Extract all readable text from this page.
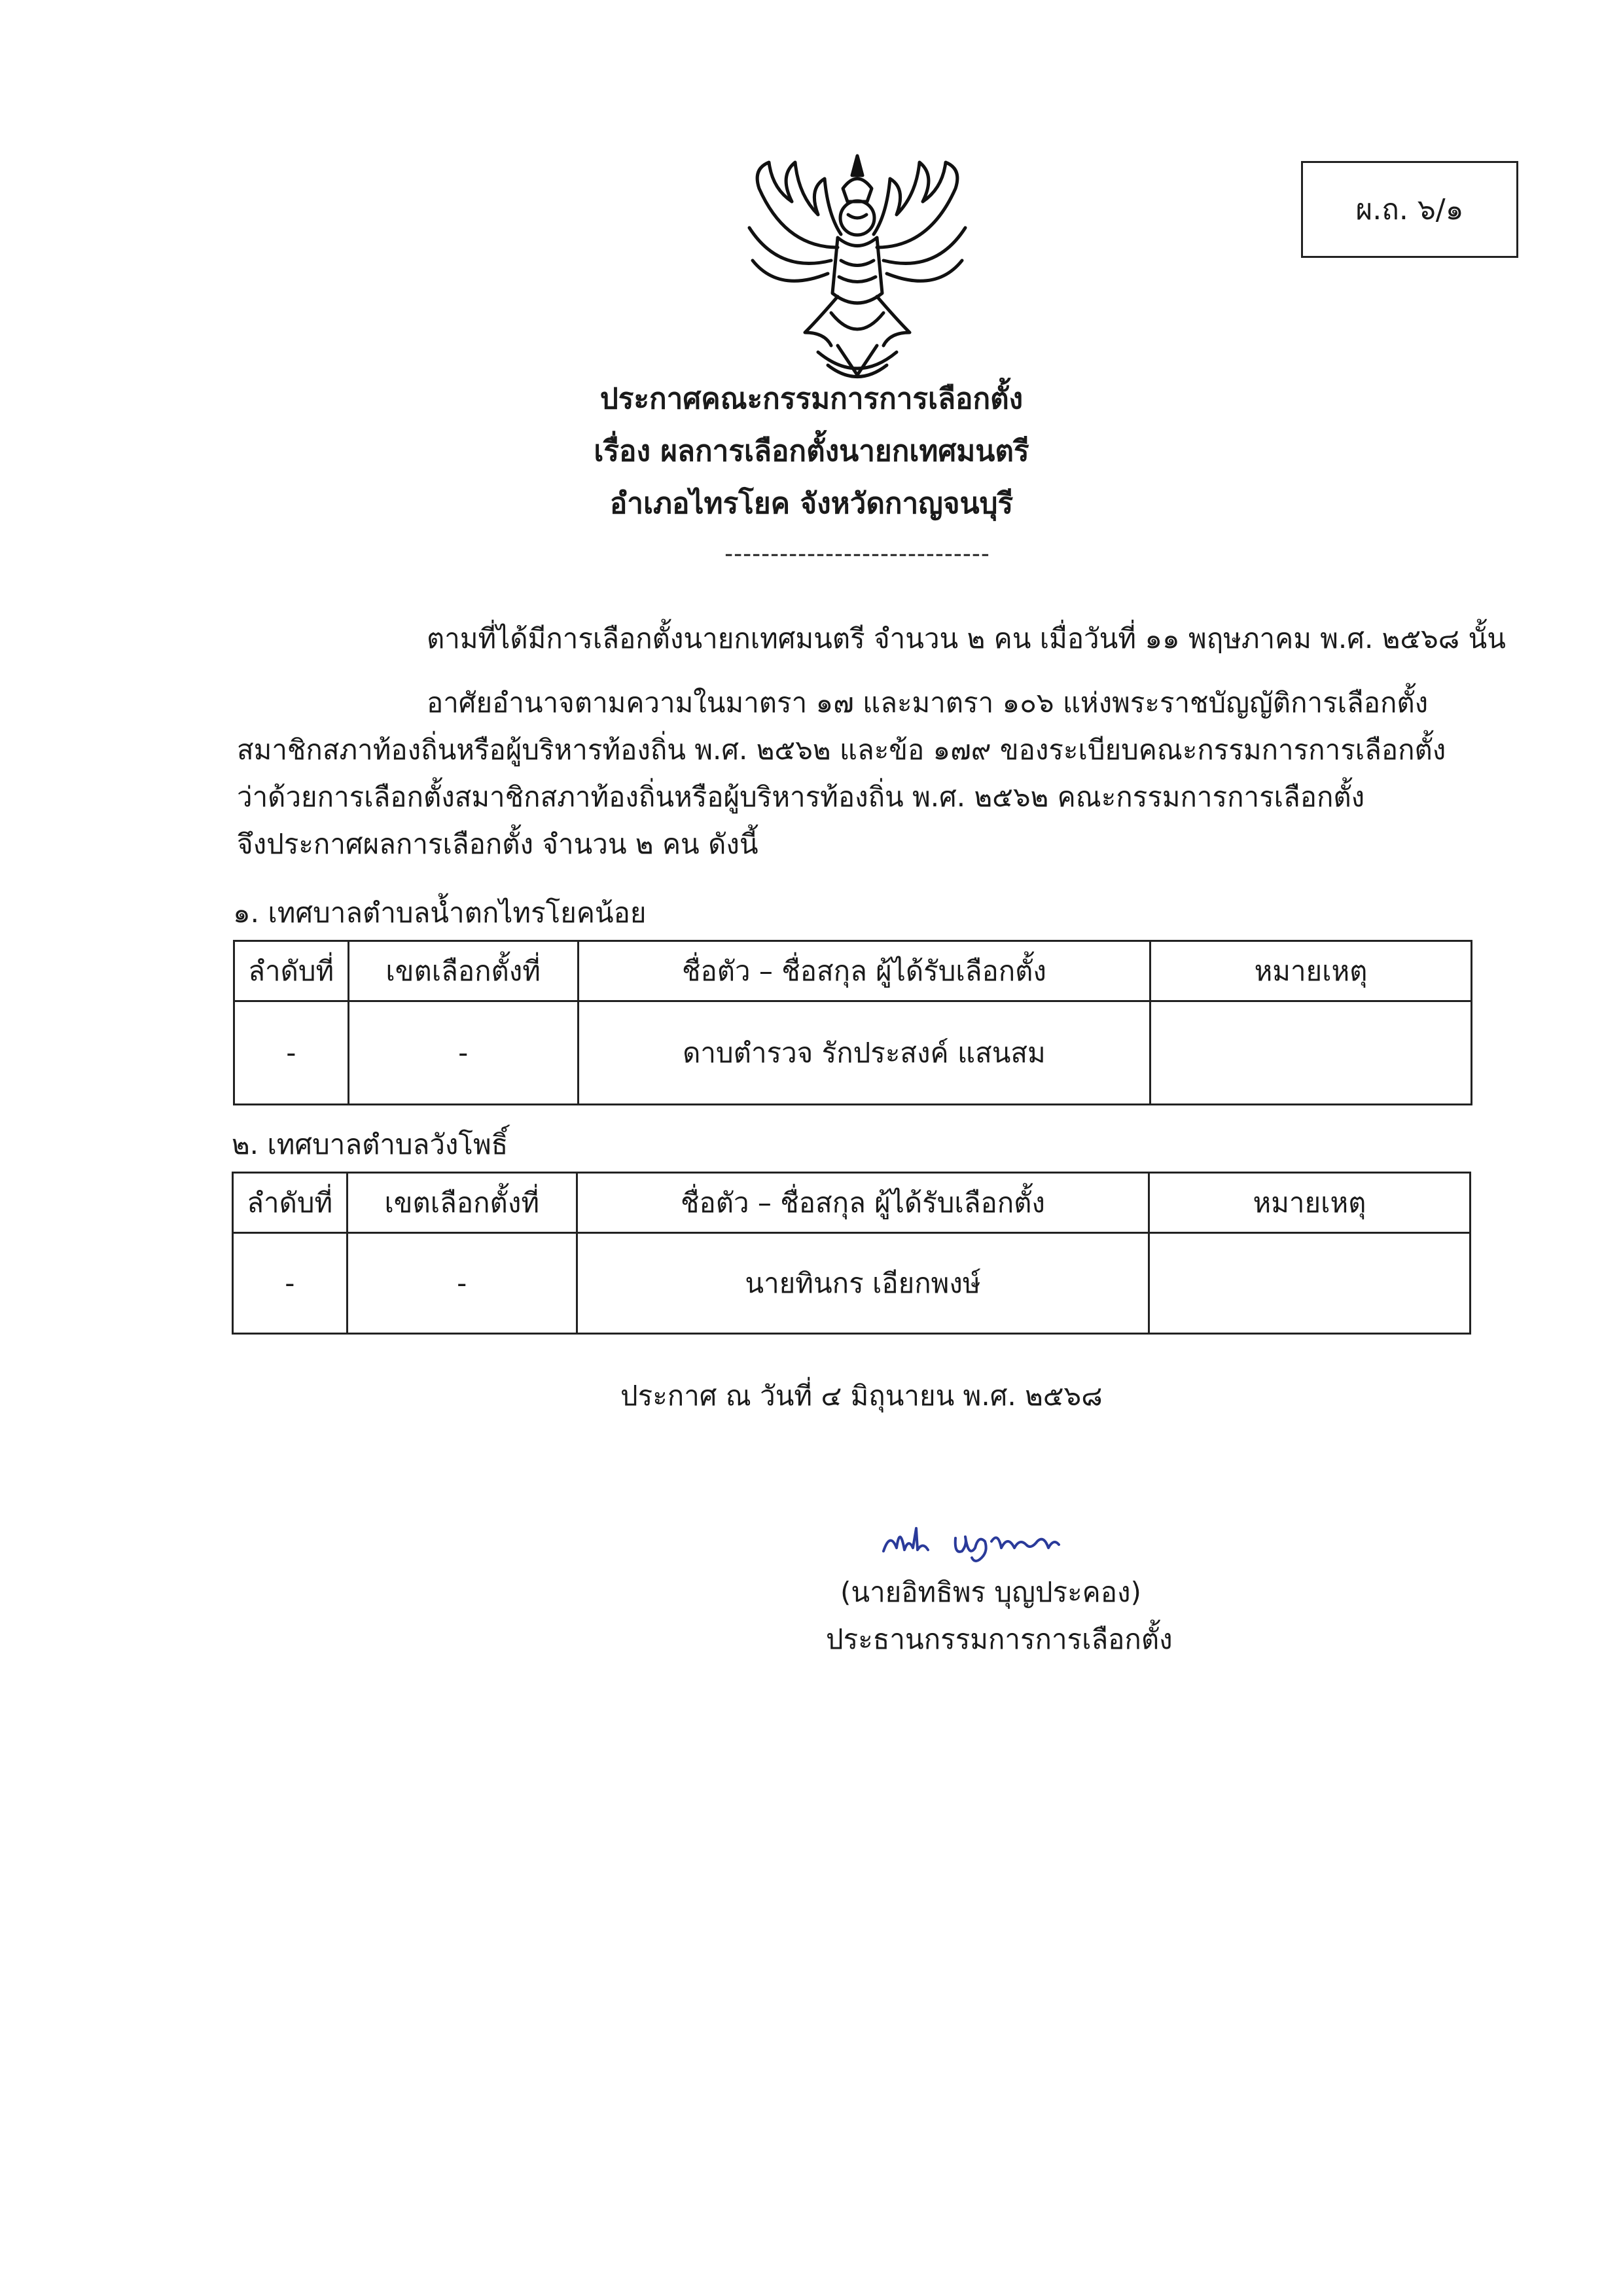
ผ.ถ. ๖/๑
ประกาศคณะกรรมการการเลือกตั้ง
เรื่อง ผลการเลือกตั้งนายกเทศมนตรี
อำเภอไทรโยค จังหวัดกาญจนบุรี
-----------------------------
ตามที่ได้มีการเลือกตั้งนายกเทศมนตรี จำนวน ๒ คน เมื่อวันที่ ๑๑ พฤษภาคม พ.ศ. ๒๕๖๘ นั้น
อาศัยอำนาจตามความในมาตรา ๑๗ และมาตรา ๑๐๖ แห่งพระราชบัญญัติการเลือกตั้ง
สมาชิกสภาท้องถิ่นหรือผู้บริหารท้องถิ่น พ.ศ. ๒๕๖๒ และข้อ ๑๗๙ ของระเบียบคณะกรรมการการเลือกตั้ง
ว่าด้วยการเลือกตั้งสมาชิกสภาท้องถิ่นหรือผู้บริหารท้องถิ่น พ.ศ. ๒๕๖๒ คณะกรรมการการเลือกตั้ง
จึงประกาศผลการเลือกตั้ง จำนวน ๒ คน ดังนี้
๑. เทศบาลตำบลน้ำตกไทรโยคน้อย
ลำดับที่	เขตเลือกตั้งที่	ชื่อตัว – ชื่อสกุล ผู้ได้รับเลือกตั้ง	หมายเหตุ
-	-	ดาบตำรวจ รักประสงค์ แสนสม	
๒. เทศบาลตำบลวังโพธิ์
ลำดับที่	เขตเลือกตั้งที่	ชื่อตัว – ชื่อสกุล ผู้ได้รับเลือกตั้ง	หมายเหตุ
-	-	นายทินกร เอียกพงษ์	
ประกาศ ณ วันที่ ๔ มิถุนายน พ.ศ. ๒๕๖๘
(นายอิทธิพร บุญประคอง)
ประธานกรรมการการเลือกตั้ง
